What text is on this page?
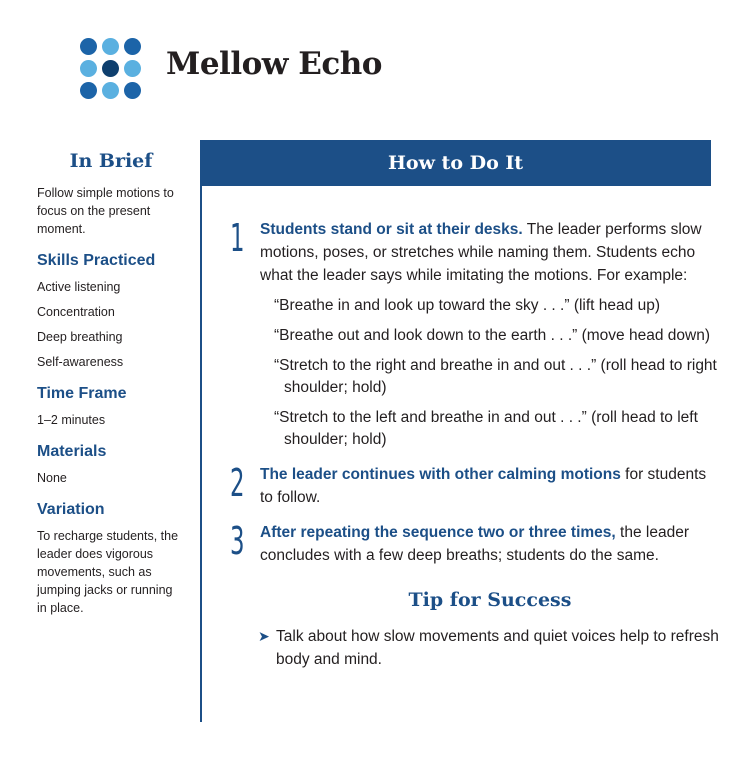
Mellow Echo
In Brief
Follow simple motions to focus on the present moment.
Skills Practiced
Active listening
Concentration
Deep breathing
Self-awareness
Time Frame
1–2 minutes
Materials
None
Variation
To recharge students, the leader does vigorous movements, such as jumping jacks or running in place.
How to Do It
1 Students stand or sit at their desks. The leader performs slow motions, poses, or stretches while naming them. Students echo what the leader says while imitating the motions. For example:
“Breathe in and look up toward the sky . . .” (lift head up)
“Breathe out and look down to the earth . . .” (move head down)
“Stretch to the right and breathe in and out . . .” (roll head to right shoulder; hold)
“Stretch to the left and breathe in and out . . .” (roll head to left shoulder; hold)
2 The leader continues with other calming motions for students to follow.
3 After repeating the sequence two or three times, the leader concludes with a few deep breaths; students do the same.
Tip for Success
➤ Talk about how slow movements and quiet voices help to refresh body and mind.
